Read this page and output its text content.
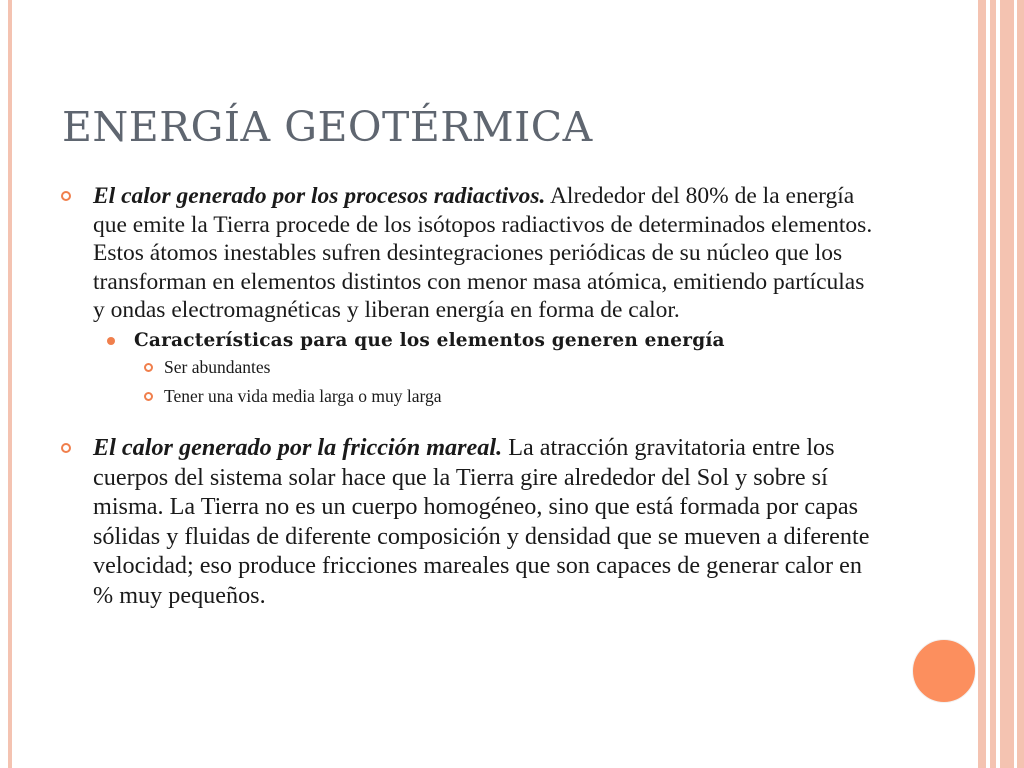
ENERGÍA GEOTÉRMICA
El calor generado por los procesos radiactivos. Alrededor del 80% de la energía que emite la Tierra procede de los isótopos radiactivos de determinados elementos. Estos átomos inestables sufren desintegraciones periódicas de su núcleo que los transforman en elementos distintos con menor masa atómica, emitiendo partículas y ondas electromagnéticas y liberan energía en forma de calor.
Características para que los elementos generen energía
Ser abundantes
Tener una vida media larga o muy larga
El calor generado por la fricción mareal. La atracción gravitatoria entre los cuerpos del sistema solar hace que la Tierra gire alrededor del Sol y sobre sí misma. La Tierra no es un cuerpo homogéneo, sino que está formada por capas sólidas y fluidas de diferente composición y densidad que se mueven a diferente velocidad; eso produce fricciones mareales que son capaces de generar calor en % muy pequeños.
